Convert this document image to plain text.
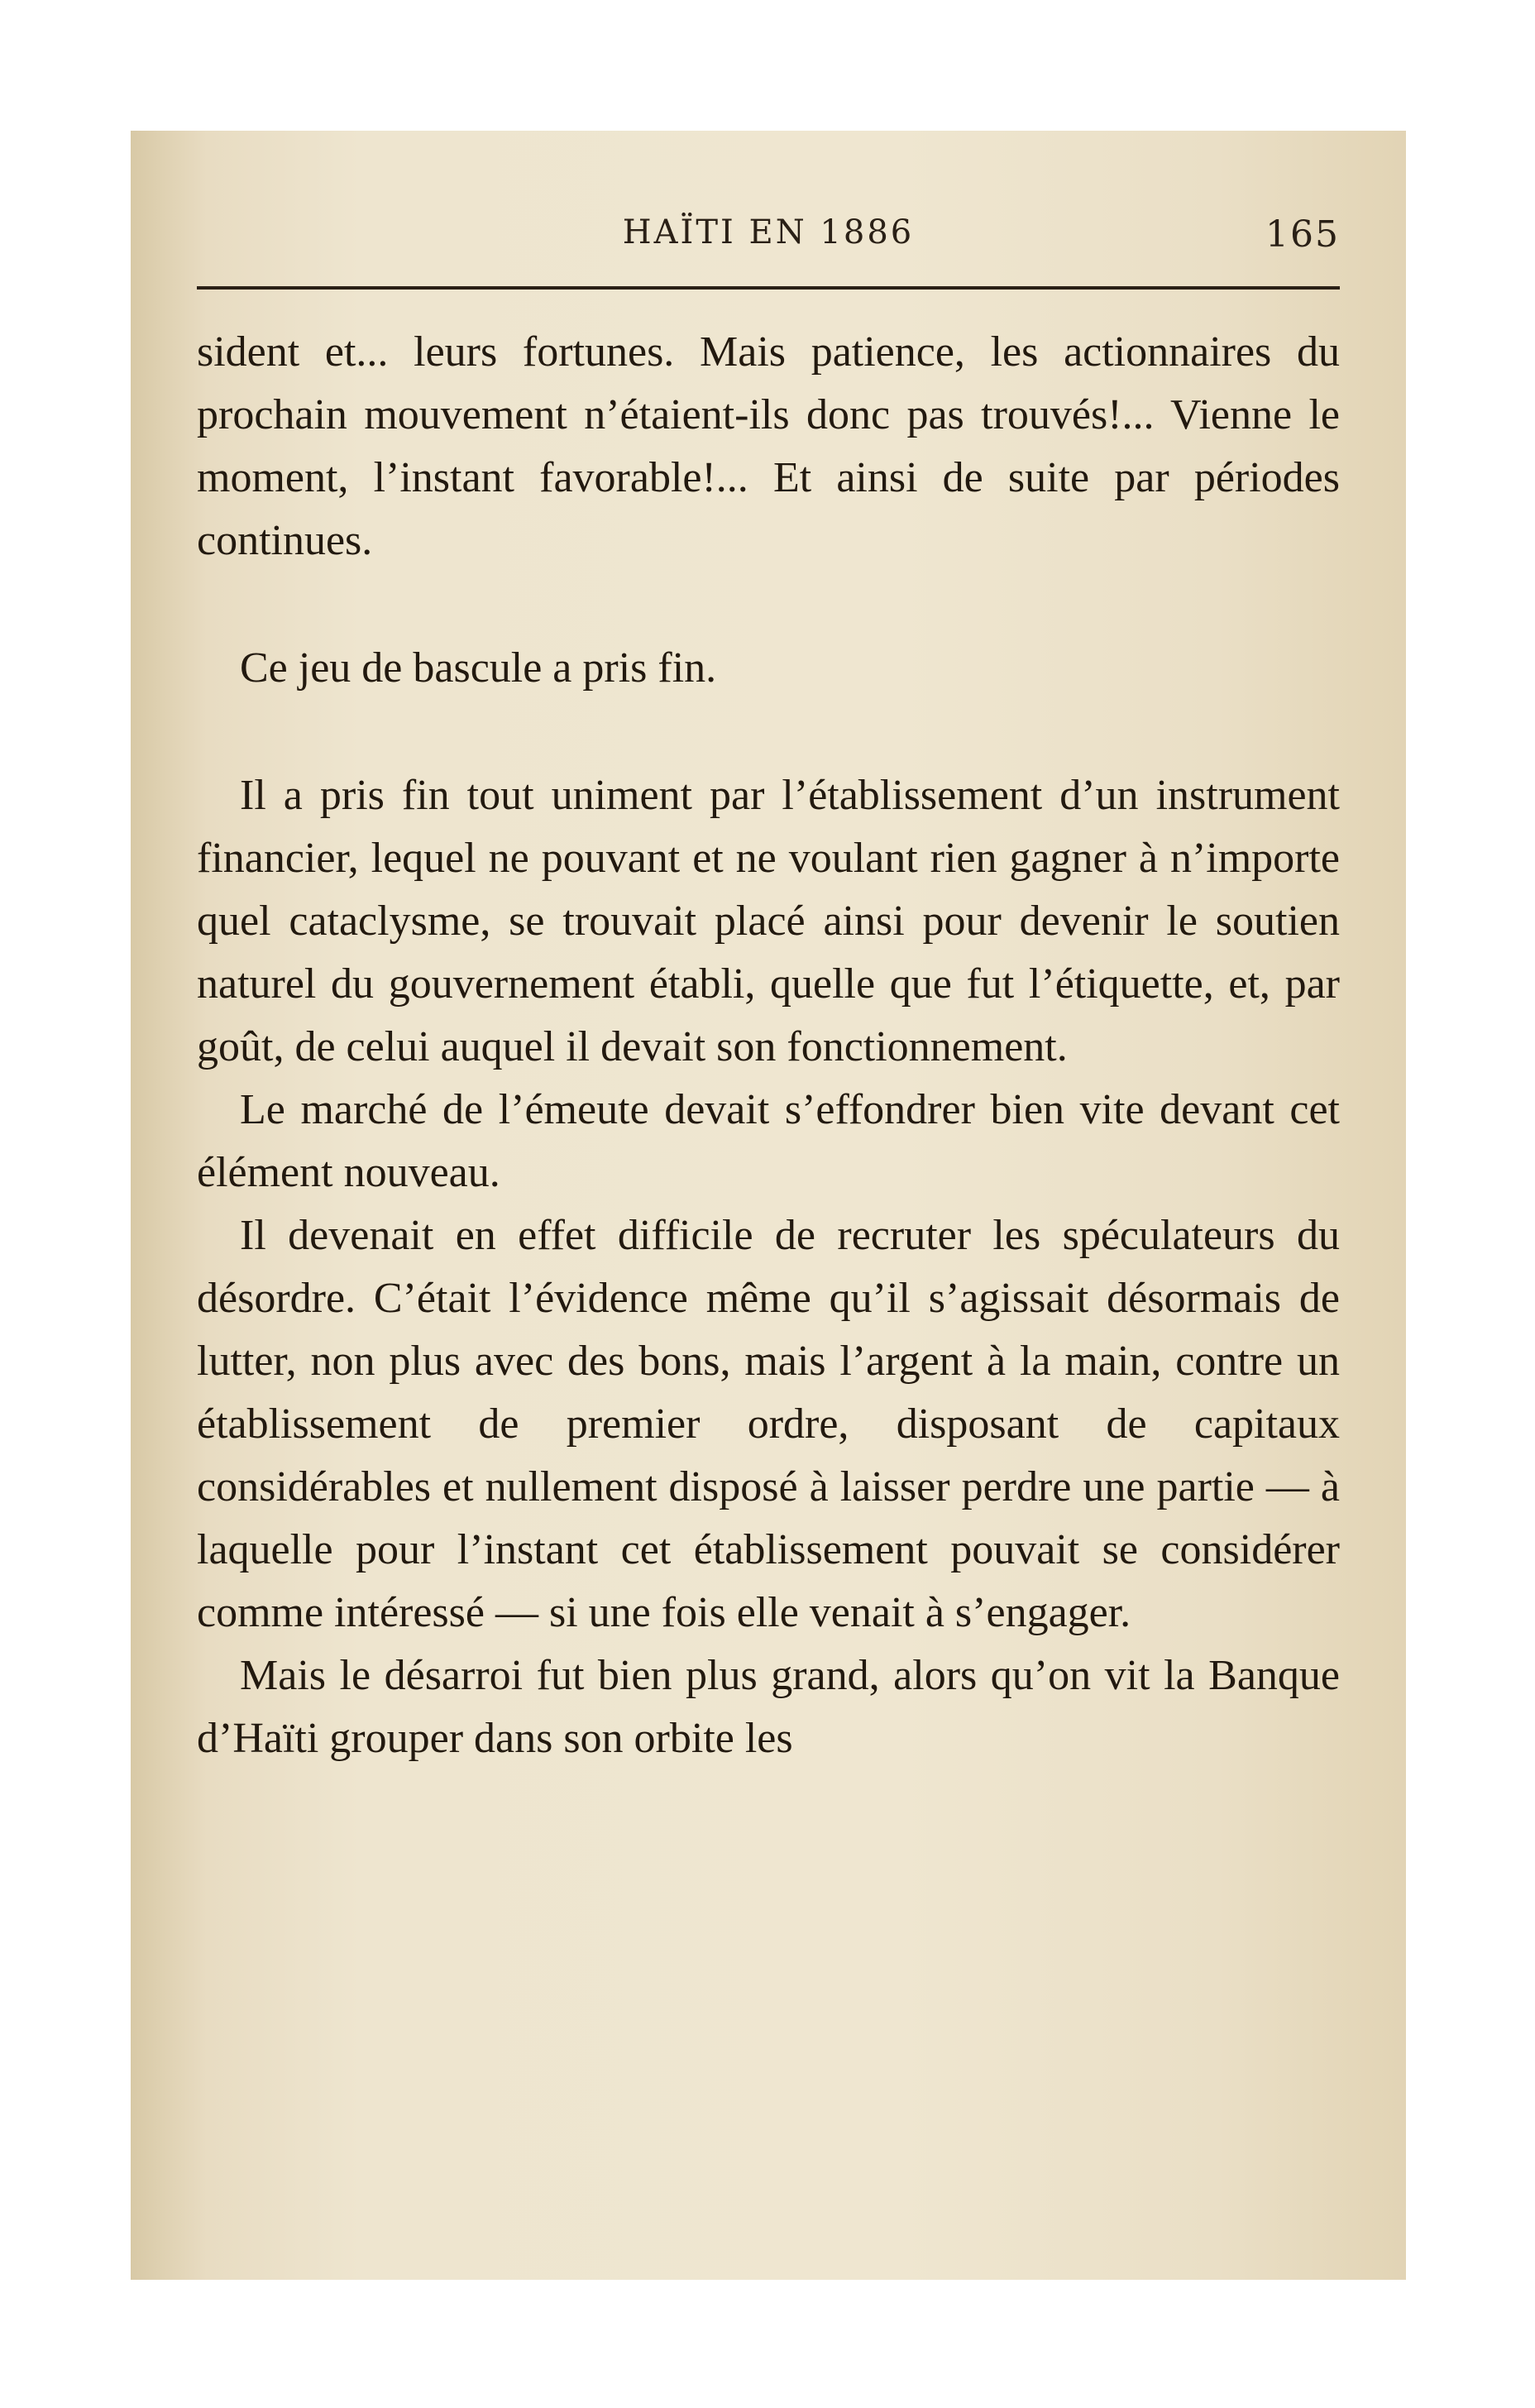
HAÏTI EN 1886	165

sident et... leurs fortunes. Mais patience, les actionnaires du prochain mouvement n’étaient-ils donc pas trouvés!... Vienne le moment, l’instant favorable!... Et ainsi de suite par périodes continues.

Ce jeu de bascule a pris fin.

Il a pris fin tout uniment par l’établissement d’un instrument financier, lequel ne pouvant et ne voulant rien gagner à n’importe quel cataclysme, se trouvait placé ainsi pour devenir le soutien naturel du gouvernement établi, quelle que fut l’étiquette, et, par goût, de celui auquel il devait son fonctionnement.

Le marché de l’émeute devait s’effondrer bien vite devant cet élément nouveau.

Il devenait en effet difficile de recruter les spéculateurs du désordre. C’était l’évidence même qu’il s’agissait désormais de lutter, non plus avec des bons, mais l’argent à la main, contre un établissement de premier ordre, disposant de capitaux considérables et nullement disposé à laisser perdre une partie — à laquelle pour l’instant cet établissement pouvait se considérer comme intéressé — si une fois elle venait à s’engager.

Mais le désarroi fut bien plus grand, alors qu’on vit la Banque d’Haïti grouper dans son orbite les
